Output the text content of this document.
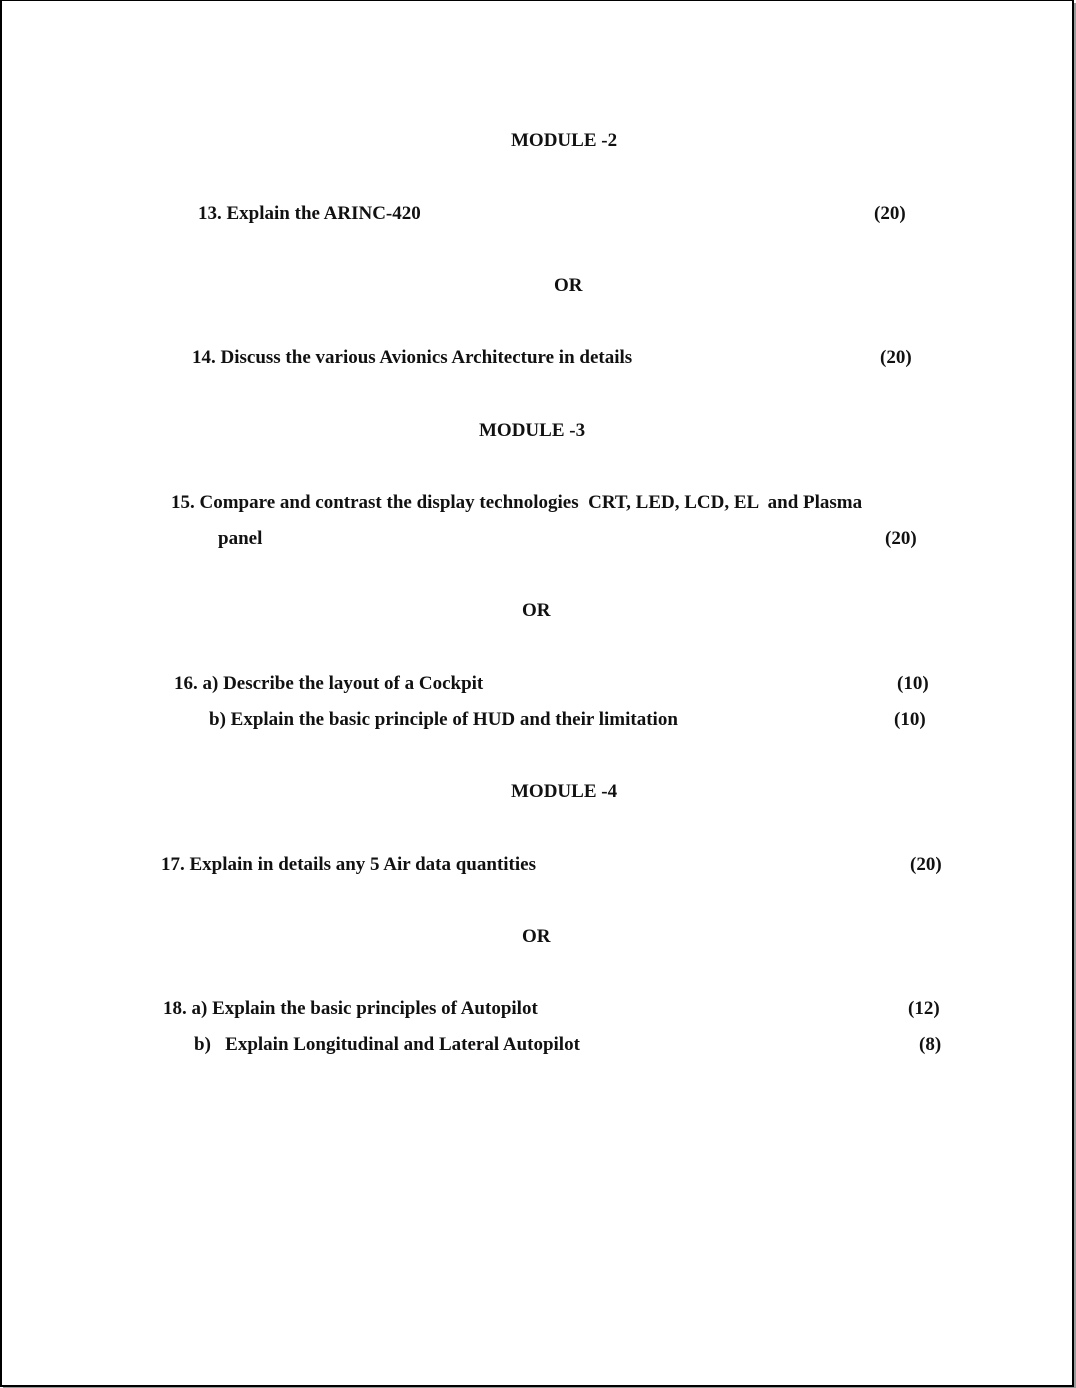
MODULE -2
13. Explain the ARINC-420	(20)
OR
14. Discuss the various Avionics Architecture in details	(20)
MODULE -3
15. Compare and contrast the display technologies  CRT, LED, LCD, EL  and Plasma
panel	(20)
OR
16. a) Describe the layout of a Cockpit	(10)
b) Explain the basic principle of HUD and their limitation	(10)
MODULE -4
17. Explain in details any 5 Air data quantities	(20)
OR
18. a) Explain the basic principles of Autopilot	(12)
b)   Explain Longitudinal and Lateral Autopilot	(8)
